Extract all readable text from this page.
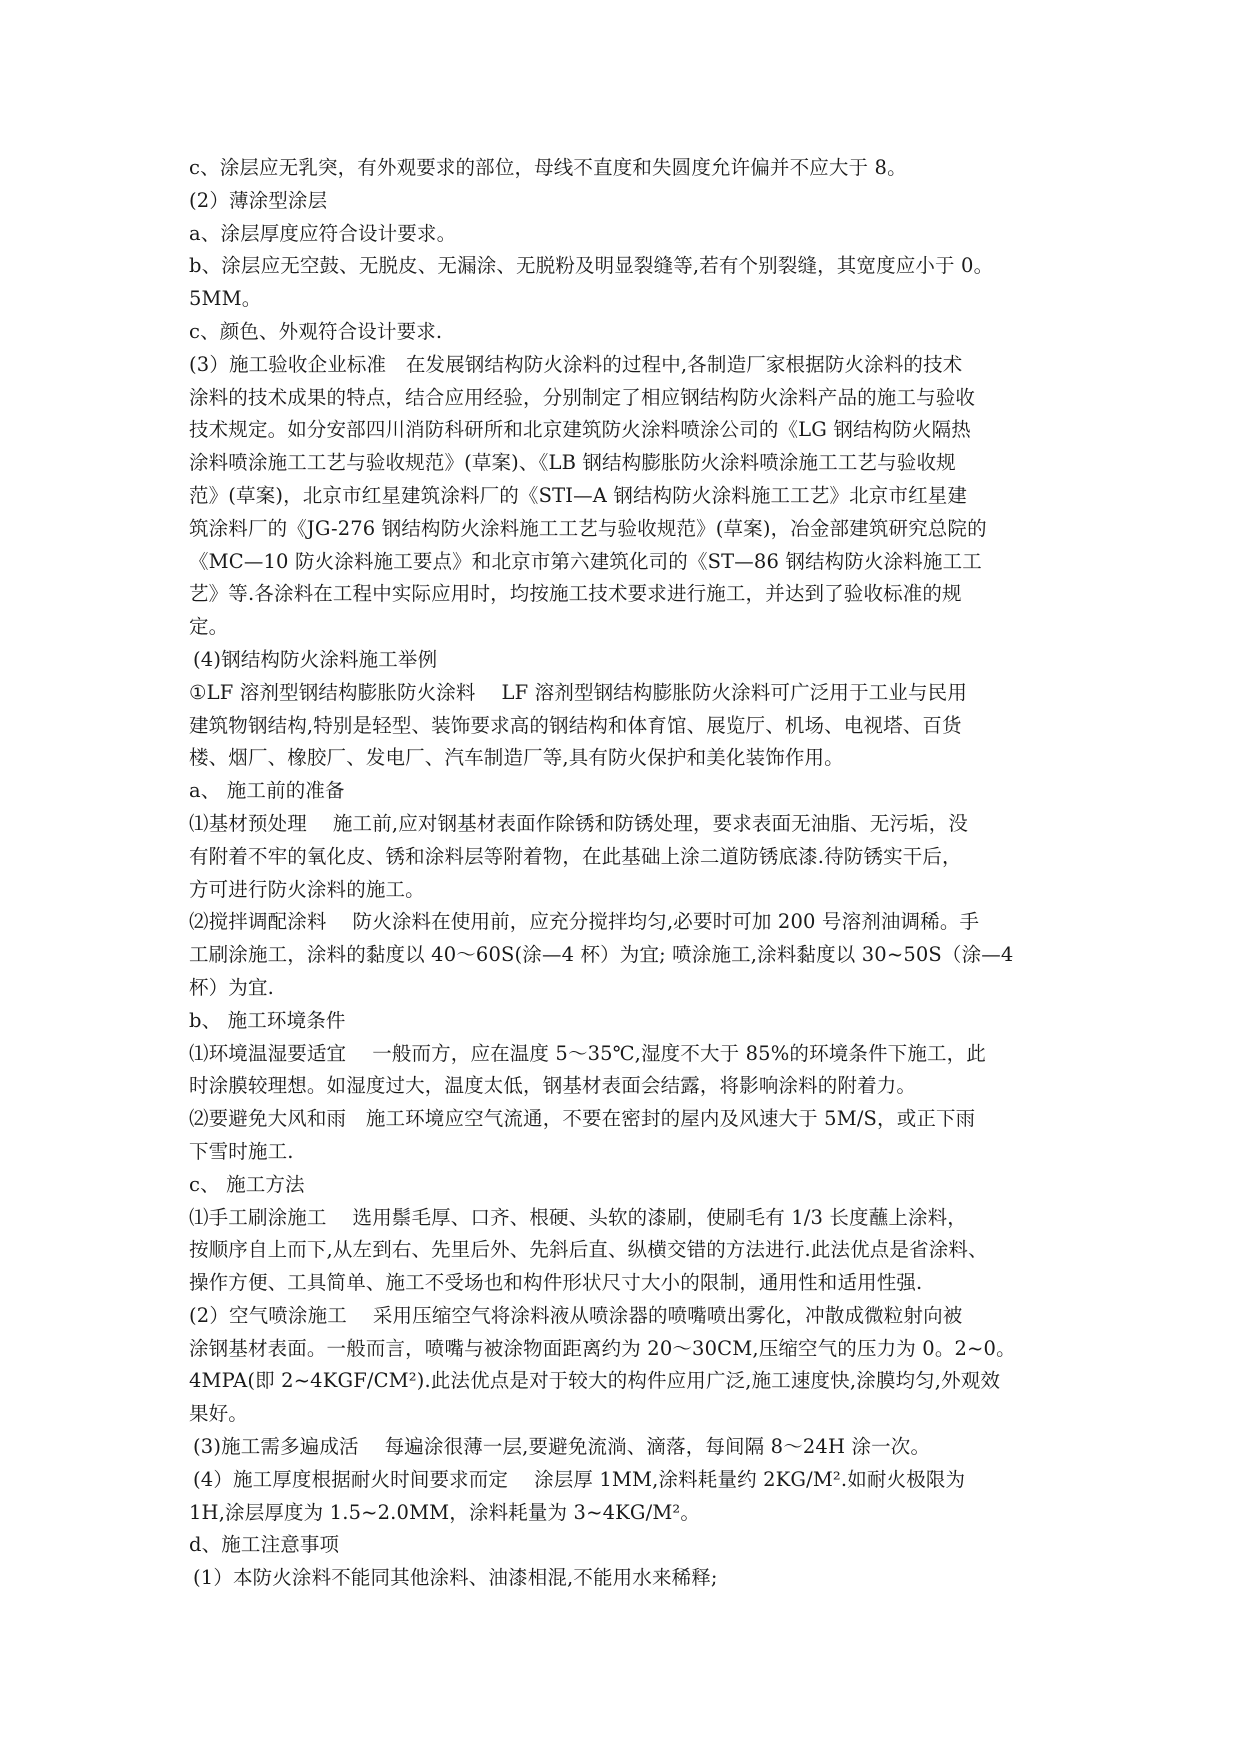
c、涂层应无乳突，有外观要求的部位，母线不直度和失圆度允许偏并不应大于 8。
(2）薄涂型涂层
a、涂层厚度应符合设计要求。
b、涂层应无空鼓、无脱皮、无漏涂、无脱粉及明显裂缝等,若有个别裂缝，其宽度应小于 0。
5MM。
c、颜色、外观符合设计要求.
(3）施工验收企业标准　在发展钢结构防火涂料的过程中,各制造厂家根据防火涂料的技术
涂料的技术成果的特点，结合应用经验，分别制定了相应钢结构防火涂料产品的施工与验收
技术规定。如分安部四川消防科研所和北京建筑防火涂料喷涂公司的《LG 钢结构防火隔热
涂料喷涂施工工艺与验收规范》(草案)、《LB 钢结构膨胀防火涂料喷涂施工工艺与验收规
范》(草案)，北京市红星建筑涂料厂的《STI—A 钢结构防火涂料施工工艺》北京市红星建
筑涂料厂的《JG-276 钢结构防火涂料施工工艺与验收规范》(草案)，冶金部建筑研究总院的
《MC—10 防火涂料施工要点》和北京市第六建筑化司的《ST—86 钢结构防火涂料施工工
艺》等.各涂料在工程中实际应用时，均按施工技术要求进行施工，并达到了验收标准的规
定。
(4)钢结构防火涂料施工举例
①LF 溶剂型钢结构膨胀防火涂料　 LF 溶剂型钢结构膨胀防火涂料可广泛用于工业与民用
建筑物钢结构,特别是轻型、装饰要求高的钢结构和体育馆、展览厅、机场、电视塔、百货
楼、烟厂、橡胶厂、发电厂、汽车制造厂等,具有防火保护和美化装饰作用。
a、 施工前的准备
⑴基材预处理　 施工前,应对钢基材表面作除锈和防锈处理，要求表面无油脂、无污垢，没
有附着不牢的氧化皮、锈和涂料层等附着物，在此基础上涂二道防锈底漆.待防锈实干后，
方可进行防火涂料的施工。
⑵搅拌调配涂料　 防火涂料在使用前，应充分搅拌均匀,必要时可加 200 号溶剂油调稀。手
工刷涂施工，涂料的黏度以 40～60S(涂—4 杯）为宜; 喷涂施工,涂料黏度以 30~50S（涂—4
杯）为宜.
b、 施工环境条件
⑴环境温湿要适宜　 一般而方，应在温度 5～35℃,湿度不大于 85%的环境条件下施工，此
时涂膜较理想。如湿度过大，温度太低，钢基材表面会结露，将影响涂料的附着力。
⑵要避免大风和雨　施工环境应空气流通，不要在密封的屋内及风速大于 5M/S，或正下雨
下雪时施工.
c、 施工方法
⑴手工刷涂施工　 选用鬃毛厚、口齐、根硬、头软的漆刷，使刷毛有 1/3 长度蘸上涂料，
按顺序自上而下,从左到右、先里后外、先斜后直、纵横交错的方法进行.此法优点是省涂料、
操作方便、工具简单、施工不受场也和构件形状尺寸大小的限制，通用性和适用性强.
(2）空气喷涂施工　 采用压缩空气将涂料液从喷涂器的喷嘴喷出雾化，冲散成微粒射向被
涂钢基材表面。一般而言，喷嘴与被涂物面距离约为 20～30CM,压缩空气的压力为 0。2~0。
4MPA(即 2~4KGF/CM²).此法优点是对于较大的构件应用广泛,施工速度快,涂膜均匀,外观效
果好。
(3)施工需多遍成活　 每遍涂很薄一层,要避免流淌、滴落，每间隔 8～24H 涂一次。
(4）施工厚度根据耐火时间要求而定　 涂层厚 1MM,涂料耗量约 2KG/M².如耐火极限为
1H,涂层厚度为 1.5~2.0MM，涂料耗量为 3~4KG/M²。
d、施工注意事项
(1）本防火涂料不能同其他涂料、油漆相混,不能用水来稀释;
